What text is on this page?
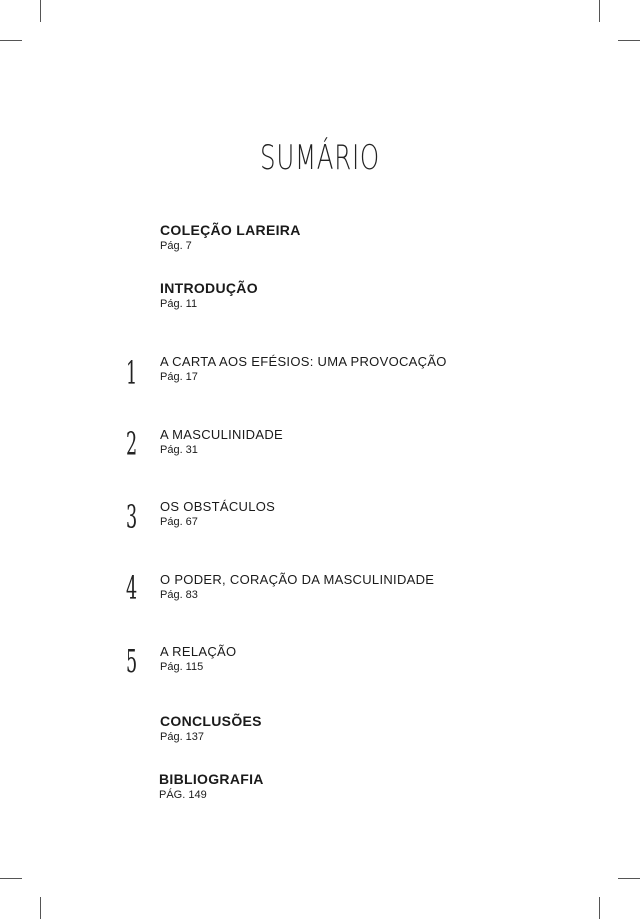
SUMÁRIO
COLEÇÃO LAREIRA
Pág. 7
INTRODUÇÃO
Pág. 11
1 A CARTA AOS EFÉSIOS: UMA PROVOCAÇÃO
Pág. 17
2 A MASCULINIDADE
Pág. 31
3 OS OBSTÁCULOS
Pág. 67
4 O PODER, CORAÇÃO DA MASCULINIDADE
Pág. 83
5 A RELAÇÃO
Pág. 115
CONCLUSÕES
Pág. 137
BIBLIOGRAFIA
PÁG. 149
